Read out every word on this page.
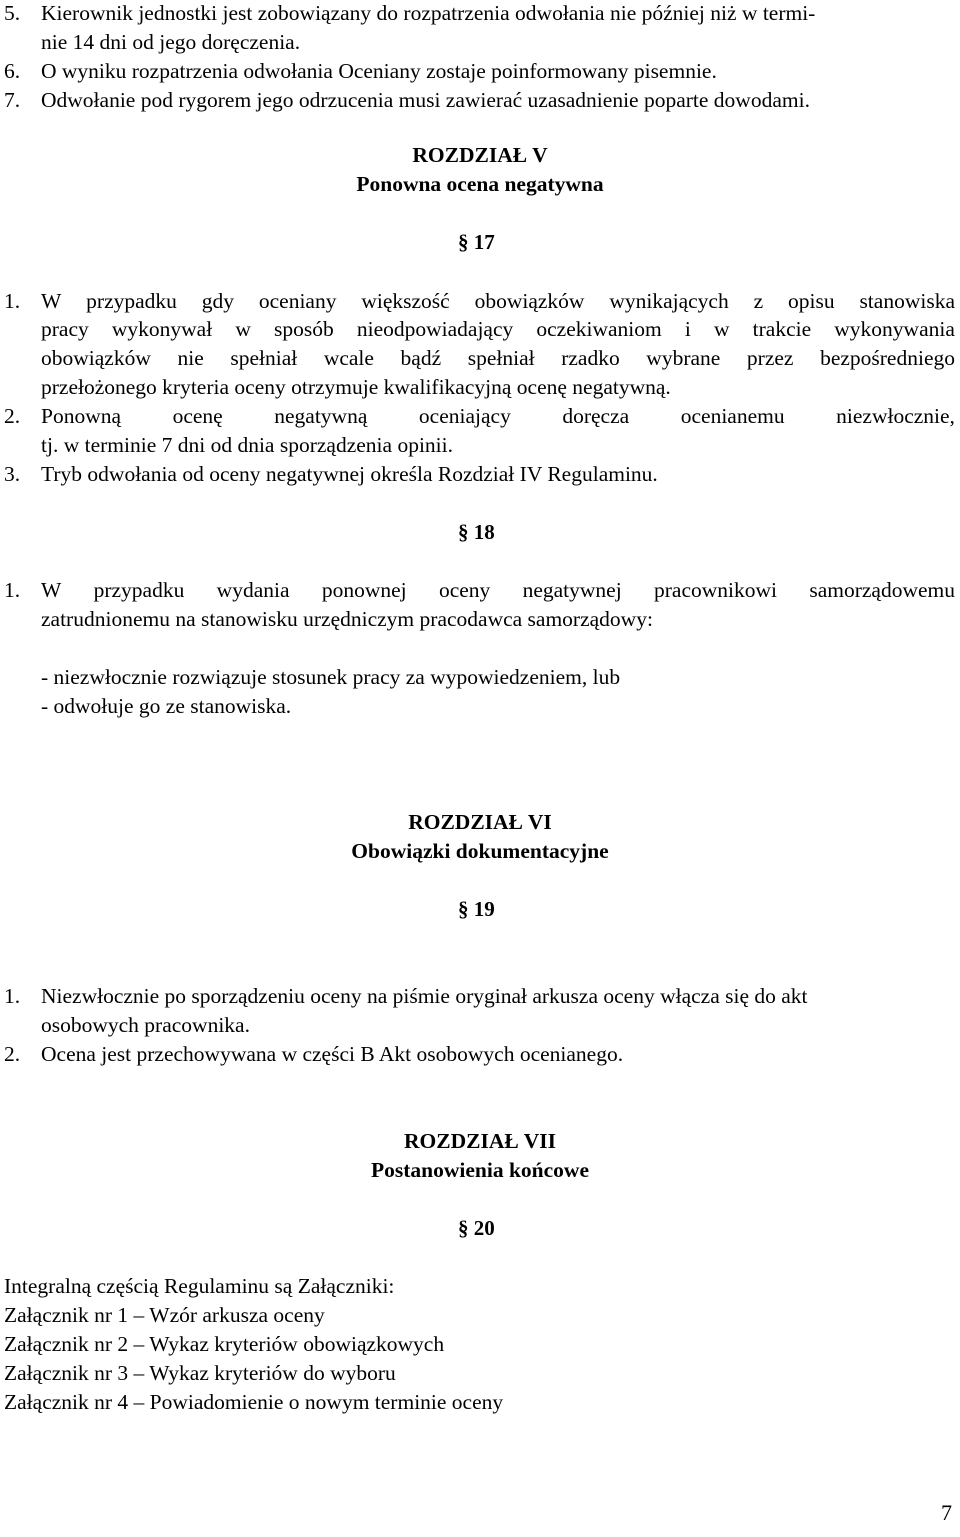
5. Kierownik jednostki jest zobowiązany do rozpatrzenia odwołania nie później niż w termi-
nie 14 dni od jego doręczenia.
6. O wyniku rozpatrzenia odwołania Oceniany zostaje poinformowany pisemnie.
7. Odwołanie pod rygorem jego odrzucenia musi zawierać uzasadnienie poparte dowodami.
ROZDZIAŁ V
Ponowna ocena negatywna
§ 17
1. W przypadku gdy oceniany większość obowiązków wynikających z opisu stanowiska
pracy wykonywał w sposób nieodpowiadający oczekiwaniom i w trakcie wykonywania
obowiązków nie spełniał wcale bądź spełniał rzadko wybrane przez bezpośredniego
przełożonego kryteria oceny otrzymuje kwalifikacyjną ocenę negatywną.
2. Ponowną ocenę negatywną oceniający doręcza ocenianemu niezwłocznie,
tj. w terminie 7 dni od dnia sporządzenia opinii.
3. Tryb odwołania od oceny negatywnej określa Rozdział IV Regulaminu.
§ 18
1. W przypadku wydania ponownej oceny negatywnej pracownikowi samorządowemu
zatrudnionemu na stanowisku urzędniczym pracodawca samorządowy:
- niezwłocznie rozwiązuje stosunek pracy za wypowiedzeniem, lub
- odwołuje go ze stanowiska.
ROZDZIAŁ VI
Obowiązki dokumentacyjne
§ 19
1. Niezwłocznie po sporządzeniu oceny na piśmie oryginał arkusza oceny włącza się do akt
osobowych pracownika.
2. Ocena jest przechowywana w części B Akt osobowych ocenianego.
ROZDZIAŁ VII
Postanowienia końcowe
§ 20
Integralną częścią Regulaminu są Załączniki:
Załącznik nr 1 – Wzór arkusza oceny
Załącznik nr 2 – Wykaz kryteriów obowiązkowych
Załącznik nr 3 – Wykaz kryteriów do wyboru
Załącznik nr 4 – Powiadomienie o nowym terminie oceny
7
